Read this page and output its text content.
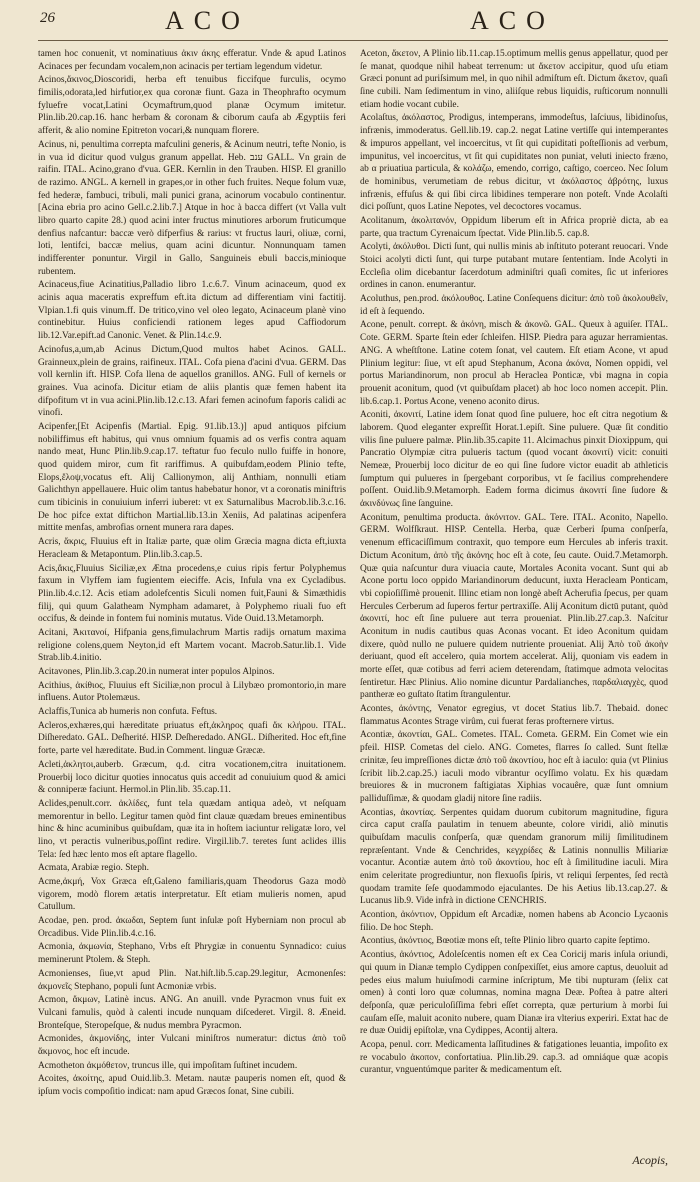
26	ACO	ACO

tamen hoc conuenit, vt nominatiuus ἀκιν άκης efferatur. Vnde & apud Latinos Acinaces per fecundam vocalem,non acinacis per tertiam legendum videtur.

Acinos,ἄκινος,Dioscoridi, herba eft tenuibus ficcifque furculis, ocymo fimilis,odorata,led hirfutior,ex qua coronæ fiunt. Gaza in Theophrafto ocymum fyluefre vocat,Latini Ocymaftrum,quod planæ Ocymum imitetur. Plin.lib.20.cap.16. hanc herbam & coronam & ciborum caufa ab Ægyptiis feri afferit, & alio nomine Epitreton vocari,& nunquam florere.

Acinus, ni, penultima correpta mafculini generis, & Acinum neutri, tefte Nonio, is in vua id dicitur quod vulgus granum appellat. Heb. ענב GALL. Vn grain de raifin. ITAL. Acino,grano d'vua. GER. Kernlin in den Trauben. HISP. El granillo de razimo. ANGL. A kernell in grapes,or in other fuch fruites. Neque folum vuæ, fed hederæ, fambuci, tribuli, mali punici grana, acinorum vocabulo continentur. [Acina ebria pro acino Gell.c.2.lib.7.] Atque in hoc à bacca differt (vt Valla vult libro quarto capite 28.) quod acini inter fructus minutiores arborum fruticumque denfius nafcantur: baccæ verò difperfius & rarius: vt fructus lauri, oliuæ, corni, loti, lentifci, baccæ melius, quam acini dicuntur. Nonnunquam tamen indifferenter ponuntur. Virgil in Gallo, Sanguineis ebuli baccis,minioque rubentem.

Acinaceus,fiue Acinatitius,Palladio libro 1.c.6.7. Vinum acinaceum, quod ex acinis aqua maceratis expreffum eft.ita dictum ad differentiam vini factitij. Vlpian.1.fi quis vinum.ff. De tritico,vino vel oleo legato, Acinaceum planè vino continebitur. Huius conficiendi rationem leges apud Caffiodorum lib.12.Var.epift.ad Canonic. Venet. & Plin.14.c.9.

Acinofus,a,um,ab Acinus Dictum,Quod multos habet Acinos. GALL. Grainneux,plein de grains, raifineux. ITAL. Cofa piena d'acini d'vua. GERM. Das voll kernlin ift. HISP. Cofa llena de aquellos granillos. ANG. Full of kernels or graines. Vua acinofa. Dicitur etiam de aliis plantis quæ femen habent ita difpofitum vt in vua acini.Plin.lib.12.c.13. Afari femen acinofum faporis calidi ac vinofi.

Acipenfer,[Et Acipenfis (Martial. Epig. 91.lib.13.)] apud antiquos pifcium nobiliffimus eft habitus, qui vnus omnium fquamis ad os verfis contra aquam nando meat, Hunc Plin.lib.9.cap.17. teftatur fuo feculo nullo fuiffe in honore, quod quidem miror, cum fit rariffimus. A quibufdam,eodem Plinio tefte, Elops,ἔλοψ,vocatus eft. Alij Callionymon, alij Anthiam, nonnulli etiam Galichthyn appellauere. Huic olim tantus habebatur honor, vt a coronatis miniftris cum tibicinis in conuiuium inferri iuberet: vt ex Saturnalibus Macrob.lib.3.c.16. De hoc pifce extat diftichon Martial.lib.13.in Xeniis, Ad palatinas acipenfera mittite menfas, ambrofias ornent munera rara dapes.

Acris, ἄκρις, Fluuius eft in Italiæ parte, quæ olim Græcia magna dicta eft,iuxta Heracleam & Metapontum. Plin.lib.3.cap.5.

Acis,ἄκις,Fluuius Siciliæ,ex Ætna procedens,e cuius ripis fertur Polyphemus faxum in Vlyffem iam fugientem eieciffe. Acis, Infula vna ex Cycladibus. Plin.lib.4.c.12. Acis etiam adolefcentis Siculi nomen fuit,Fauni & Simæthidis filij, qui quum Galatheam Nympham adamaret, à Polyphemo riuali fuo eft occifus, & deinde in fontem fui nominis mutatus. Vide Ouid.13.Metamorph.

Acitani, Ἀκιτανοί, Hifpania gens,fimulachrum Martis radijs ornatum maxima religione colens,quem Neyton,id eft Martem vocant. Macrob.Satur.lib.1. Vide Strab.lib.4.initio.

Acitavones, Plin.lib.3.cap.20.in numerat inter populos Alpinos.

Acithius, ἀκίθιος, Fluuius eft Siciliæ,non procul à Lilybæo promontorio,in mare influens. Autor Ptolemæus.

Aclaffis,Tunica ab humeris non confuta. Feftus.

Acleros,exhæres,qui hæreditate priuatus eft,ἀκληρος quafi ἄκ κλήρου. ITAL. Diſheredato. GAL. Deſherité. HISP. Deſheredado. ANGL. Diſherited. Hoc eft,fine forte, parte vel hæreditate. Bud.in Comment. linguæ Græcæ.

Acleti,ἀκλητοι,auberb. Græcum, q.d. citra vocationem,citra inuitationem. Prouerbij loco dicitur quoties innocatus quis accedit ad conuiuium quod & amici & conniperæ faciunt. Hermol.in Plin.lib. 35.cap.11.

Aclides,penult.corr. ἀκλίδες, funt tela quædam antiqua adeò, vt neſquam memorentur in bello. Legitur tamen quòd fint clauæ quædam breues eminentibus hinc & hinc acuminibus quibuſdam, quæ ita in hoſtem iaciuntur religatæ loro, vel lino, vt peractis vulneribus,poſſint redire. Virgil.lib.7. teretes ſunt aclides illis Tela: ſed hæc lento mos eſt aptare flagello.

Acmata, Arabiæ regio. Steph.

Acme,ἀκμή, Vox Græca eſt,Galeno familiaris,quam Theodorus Gaza modò vigorem, modò florem ætatis interpretatur. Eſt etiam mulieris nomen, apud Catullum.

Acodae, pen. prod. ἀκωδαι, Septem ſunt inſulæ poſt Hyberniam non procul ab Orcadibus. Vide Plin.lib.4.c.16.

Acmonia, ἀκμωνία, Stephano, Vrbs eſt Phrygiæ in conuentu Synnadico: cuius meminerunt Ptolem. & Steph.

Acmonienses, ſiue,vt apud Plin. Nat.hiſt.lib.5.cap.29.legitur, Acmonenſes: ἀκμονεῖς Stephano, populi ſunt Acmoniæ vrbis.

Acmon, ἄκμων, Latinè incus. ANG. An anuill. vnde Pyracmon vnus fuit ex Vulcani famulis, quòd à calenti incude nunquam diſcederet. Virgil. 8. Æneid. Bronteſque, Steropeſque, & nudus membra Pyracmon.

Acmonides, ἀκμονίδης, inter Vulcani miniſtros numeratur: dictus ἀπὸ τοῦ ἄκμονος, hoc eſt incude.

Acmotheton ἀκμόθετον, truncus ille, qui impoſitam ſuſtinet incudem.

Acoites, ἀκοίτης, apud Ouid.lib.3. Metam. nautæ pauperis nomen eſt, quod & ipſum vocis compoſitio indicat: nam apud Græcos ſonat, Sine cubili.

Aceton, ἄκετον, A Plinio lib.11.cap.15.optimum mellis genus appellatur, quod per ſe manat, quodque nihil habeat terrenum: ut ἄκετον accipitur, quod uſu etiam Græci ponunt ad puriſsimum mel, in quo nihil admiſtum eſt. Dictum ἄκετον, quaſi ſine cubili. Nam ſedimentum in vino, aliiſque rebus liquidis, ruſticorum nonnulli etiam hodie vocant cubile.

Acolaſtus, ἀκόλαστος, Prodigus, intemperans, immodeſtus, laſciuus, libidinoſus, infrænis, immoderatus. Gell.lib.19. cap.2. negat Latine vertiſſe qui intemperantes & impuros appellant, vel incoercitus, vt ſit qui cupiditati poſteſſionis ad verbum, impunitus, vel incoercitus, vt ſit qui cupiditates non puniat, veluti iniecto fræno, ab α priuatiua particula, & κολάζω, emendo, corrigo, caſtigo, coerceo. Nec ſolum de hominibus, verumetiam de rebus dicitur, vt ἀκόλαστος ἁβρότης, luxus infrænis, effuſus & qui ſibi circa libidines temperare non poteſt. Vnde Acolaſti dici poſſunt, quos Latine Nepotes, vel decoctores vocamus.

Acolitanum, ἀκολιτανόν, Oppidum liberum eſt in Africa propriè dicta, ab ea parte, qua tractum Cyrenaicum ſpectat. Vide Plin.lib.5. cap.8.

Acolyti, ἀκόλυθοι. Dicti ſunt, qui nullis minis ab inſtituto poterant reuocari. Vnde Stoici acolyti dicti ſunt, qui turpe putabant mutare ſententiam. Inde Acolyti in Eccleſia olim dicebantur ſacerdotum adminiſtri quaſi comites, ſic ut inferiores ordines in canon. enumerantur.

Acoluthus, pen.prod. ἀκόλουθος. Latine Conſequens dicitur: ἀπὸ τοῦ ἀκολουθεῖν, id eſt à ſequendo.

Acone, penult. corrept. & ἀκόνη, misch & ἀκονῶ. GAL. Queux à aguiſer. ITAL. Cote. GERM. Sparte ſtein eder ſchleifen. HISP. Piedra para aguzar herramientas. ANG. A wheſtſtone. Latine cotem ſonat, vel cautem. Eſt etiam Acone, vt apud Plinium legitur: ſiue, vt eſt apud Stephanum, Acona ἀκόνα, Nomen oppidi, vel portus Mariandinorum, non procul ab Heraclea Ponticæ, vbi magna in copia prouenit aconitum, quod (vt quibuſdam placet) ab hoc loco nomen accepit. Plin. lib.6.cap.1. Portus Acone, veneno aconito dirus.

Aconiti, ἀκονιτί, Latine idem ſonat quod ſine puluere, hoc eſt citra negotium & laborem. Quod eleganter expreſſit Horat.1.epiſt. Sine puluere. Quæ ſit conditio vilis ſine puluere palmæ. Plin.lib.35.capite 11. Alcimachus pinxit Dioxippum, qui Pancratio Olympiæ citra pulueris tactum (quod vocant ἀκονιτί) vicit: conuiti Nemeæ, Prouerbij loco dicitur de eo qui ſine ſudore victor euadit ab athleticis ſumptum qui pulueres in ſpergebant corporibus, vt ſe facilius comprehendere poſſent. Ouid.lib.9.Metamorph. Eadem forma dicimus ἀκονιτί ſine ſudore & ἀκινδύνως ſine ſanguine.

Aconitum, penultima producta. ἀκόνιτον. GAL. Tere. ITAL. Aconito, Napello. GERM. Wolfſkraut. HISP. Centella. Herba, quæ Cerberi ſpuma conſperſa, venenum efficaciſſimum contraxit, quo tempore eum Hercules ab inferis traxit. Dictum Aconitum, ἀπὸ τῆς ἀκόνης hoc eſt à cote, ſeu caute. Ouid.7.Metamorph. Quæ quia naſcuntur dura viuacia caute, Mortales Aconita vocant. Sunt qui ab Acone portu loco oppido Mariandinorum deducunt, iuxta Heracleam Ponticam, vbi copioſiſſimè prouenit. Illinc etiam non longè abeſt Acherufia ſpecus, per quam Hercules Cerberum ad ſuperos fertur pertraxiſſe. Alij Aconitum dictū putant, quòd ἀκονιτί, hoc eſt ſine puluere aut terra proueniat. Plin.lib.27.cap.3. Naſcitur Aconitum in nudis cautibus quas Aconas vocant. Et ideo Aconitum quidam dixere, quòd nullo ne puluere quidem nutriente proueniat. Alij Ἀπὸ τοῦ ἀκοὴν deriuant, quod eſt accelero, quia mortem accelerat. Alij, quoniam vis eadem in morte eſſet, quæ cotibus ad ferri aciem deterendam, ſtatimque admota velocitas ſentiretur. Hæc Plinius. Alio nomine dicuntur Pardalianches, παρδαλιαγχὲς, quod pantheræ eo guſtato ſtatim ſtrangulentur.

Acontes, ἀκόντης, Venator egregius, vt docet Statius lib.7. Thebaid. donec flammatus Acontes Strage virûm, cui fuerat feras profternere virtus.

Acontiæ, ἀκοντίαι, GAL. Cometes. ITAL. Cometa. GERM. Ein Comet wie ein pfeil. HISP. Cometas del cielo. ANG. Cometes, flarres ſo called. Sunt ſtellæ crinitæ, ſeu impreſſiones dictæ ἀπὸ τοῦ ἀκοντίου, hoc eſt à iaculo: quia (vt Plinius ſcribit lib.2.cap.25.) iaculi modo vibrantur ocyſſimo volatu. Ex his quædam breuiores & in mucronem faſtigiatas Xiphias vocauêre, quæ ſunt omnium palliduſſimæ, & quodam gladij nitore ſine radiis.

Acontias, ἀκοντίας. Serpentes quidam duorum cubitorum magnitudine, figura circa caput craſſa paulatim in tenuem abeunte, colore viridi, aliò minutis quibuſdam maculis conſperſa, quæ quendam granorum milij ſimilitudinem repræſentant. Vnde & Cenchrides, κεγχρίδες & Latinis nonnullis Miliariæ vocantur. Acontiæ autem ἀπὸ τοῦ ἀκοντίου, hoc eſt à ſimilitudine iaculi. Mira enim celeritate progrediuntur, non flexuoſis ſpiris, vt reliqui ſerpentes, ſed rectà quodam tramite ſeſe quodammodo ejaculantes. De his Aetius lib.13.cap.27. & Lucanus lib.9. Vide infrà in dictione CENCHRIS.

Acontion, ἀκόντιον, Oppidum eſt Arcadiæ, nomen habens ab Aconcio Lycaonis filio. De hoc Steph.

Acontius, ἀκόντιος, Bœotiæ mons eſt, teſte Plinio libro quarto capite ſeptimo.

Acontius, ἀκόντιος, Adoleſcentis nomen eſt ex Cea Coricij maris inſula oriundi, qui quum in Dianæ templo Cydippen conſpexiſſet, eius amore captus, deuoluit ad pedes eius malum huiuſmodi carmine inſcriptum, Me tibi nupturam (ſelix cat omen) à conti loro quæ columnas, nomina magna Deæ. Poſtea à patre alteri deſponſa, quæ periculoſiſſima febri eſſet correpta, quæ perturium à morbi ſui cauſam eſſe, maluit aconito nubere, quam Dianæ ira vlterius experiri. Extat hac de re duæ Ouidij epiſtolæ, vna Cydippes, Acontij altera.

Acopa, penul. corr. Medicamenta laſſitudines & fatigationes leuantia, impoſito ex re vocabulo ἀκοπον, confortatiua. Plin.lib.29. cap.3. ad omniáque quæ acopis curantur, vnguentúmque pariter & medicamentum eſt.

Acopis,
